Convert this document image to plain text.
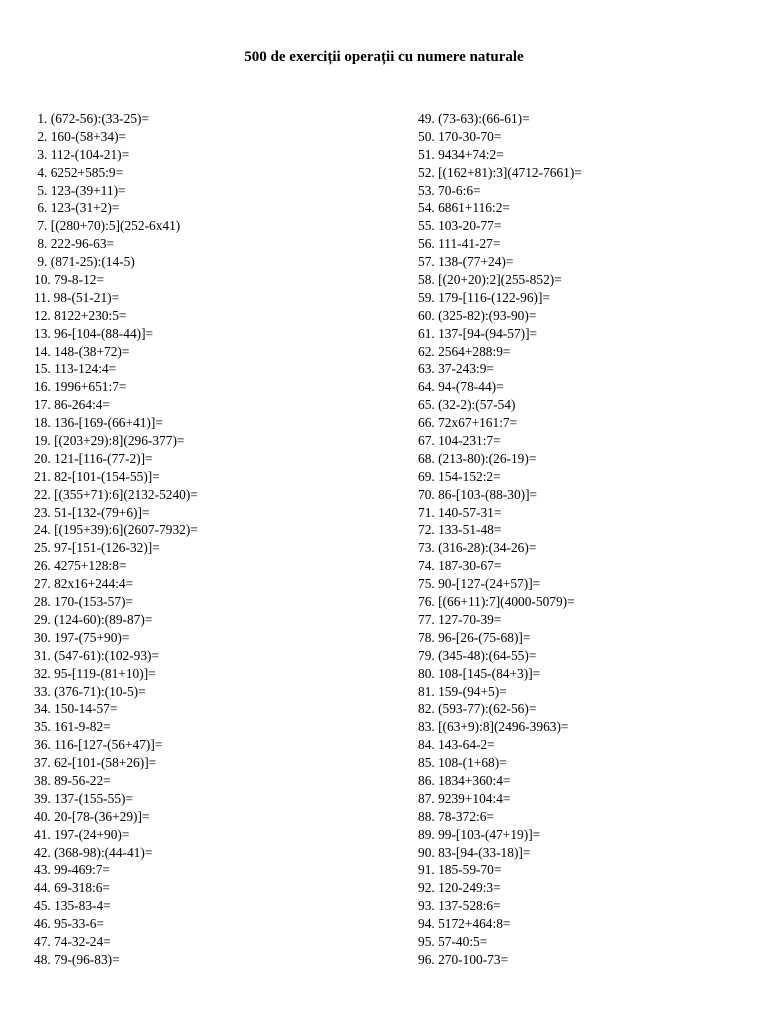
500 de exerciții operații cu numere naturale
1. (672-56):(33-25)=
2. 160-(58+34)=
3. 112-(104-21)=
4. 6252+585:9=
5. 123-(39+11)=
6. 123-(31+2)=
7. [(280+70):5](252-6x41)
8. 222-96-63=
9. (871-25):(14-5)
10. 79-8-12=
11. 98-(51-21)=
12. 8122+230:5=
13. 96-[104-(88-44)]=
14. 148-(38+72)=
15. 113-124:4=
16. 1996+651:7=
17. 86-264:4=
18. 136-[169-(66+41)]=
19. [(203+29):8](296-377)=
20. 121-[116-(77-2)]=
21. 82-[101-(154-55)]=
22. [(355+71):6](2132-5240)=
23. 51-[132-(79+6)]=
24. [(195+39):6](2607-7932)=
25. 97-[151-(126-32)]=
26. 4275+128:8=
27. 82x16+244:4=
28. 170-(153-57)=
29. (124-60):(89-87)=
30. 197-(75+90)=
31. (547-61):(102-93)=
32. 95-[119-(81+10)]=
33. (376-71):(10-5)=
34. 150-14-57=
35. 161-9-82=
36. 116-[127-(56+47)]=
37. 62-[101-(58+26)]=
38. 89-56-22=
39. 137-(155-55)=
40. 20-[78-(36+29)]=
41. 197-(24+90)=
42. (368-98):(44-41)=
43. 99-469:7=
44. 69-318:6=
45. 135-83-4=
46. 95-33-6=
47. 74-32-24=
48. 79-(96-83)=
49. (73-63):(66-61)=
50. 170-30-70=
51. 9434+74:2=
52. [(162+81):3](4712-7661)=
53. 70-6:6=
54. 6861+116:2=
55. 103-20-77=
56. 111-41-27=
57. 138-(77+24)=
58. [(20+20):2](255-852)=
59. 179-[116-(122-96)]=
60. (325-82):(93-90)=
61. 137-[94-(94-57)]=
62. 2564+288:9=
63. 37-243:9=
64. 94-(78-44)=
65. (32-2):(57-54)
66. 72x67+161:7=
67. 104-231:7=
68. (213-80):(26-19)=
69. 154-152:2=
70. 86-[103-(88-30)]=
71. 140-57-31=
72. 133-51-48=
73. (316-28):(34-26)=
74. 187-30-67=
75. 90-[127-(24+57)]=
76. [(66+11):7](4000-5079)=
77. 127-70-39=
78. 96-[26-(75-68)]=
79. (345-48):(64-55)=
80. 108-[145-(84+3)]=
81. 159-(94+5)=
82. (593-77):(62-56)=
83. [(63+9):8](2496-3963)=
84. 143-64-2=
85. 108-(1+68)=
86. 1834+360:4=
87. 9239+104:4=
88. 78-372:6=
89. 99-[103-(47+19)]=
90. 83-[94-(33-18)]=
91. 185-59-70=
92. 120-249:3=
93. 137-528:6=
94. 5172+464:8=
95. 57-40:5=
96. 270-100-73=
